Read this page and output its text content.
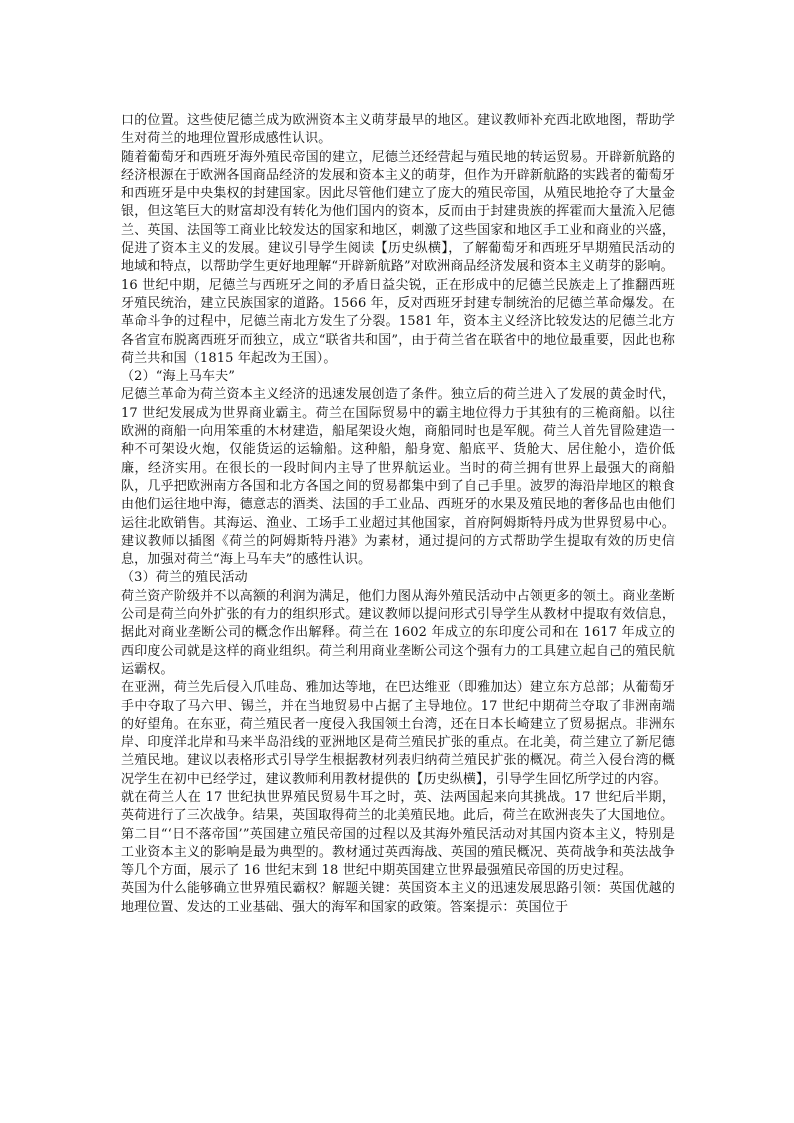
口的位置。这些使尼德兰成为欧洲资本主义萌芽最早的地区。建议教师补充西北欧地图，帮助学生对荷兰的地理位置形成感性认识。

随着葡萄牙和西班牙海外殖民帝国的建立，尼德兰还经营起与殖民地的转运贸易。开辟新航路的经济根源在于欧洲各国商品经济的发展和资本主义的萌芽，但作为开辟新航路的实践者的葡萄牙和西班牙是中央集权的封建国家。因此尽管他们建立了庞大的殖民帝国，从殖民地抢夺了大量金银，但这笔巨大的财富却没有转化为他们国内的资本，反而由于封建贵族的挥霍而大量流入尼德兰、英国、法国等工商业比较发达的国家和地区，刺激了这些国家和地区手工业和商业的兴盛，促进了资本主义的发展。建议引导学生阅读【历史纵横】，了解葡萄牙和西班牙早期殖民活动的地域和特点，以帮助学生更好地理解“开辟新航路”对欧洲商品经济发展和资本主义萌芽的影响。

16 世纪中期，尼德兰与西班牙之间的矛盾日益尖锐，正在形成中的尼德兰民族走上了推翻西班牙殖民统治，建立民族国家的道路。1566 年，反对西班牙封建专制统治的尼德兰革命爆发。在革命斗争的过程中，尼德兰南北方发生了分裂。1581 年，资本主义经济比较发达的尼德兰北方各省宣布脱离西班牙而独立，成立“联省共和国”，由于荷兰省在联省中的地位最重要，因此也称荷兰共和国（1815 年起改为王国）。

（2）“海上马车夫”

尼德兰革命为荷兰资本主义经济的迅速发展创造了条件。独立后的荷兰进入了发展的黄金时代，17 世纪发展成为世界商业霸主。荷兰在国际贸易中的霸主地位得力于其独有的三桅商船。以往欧洲的商船一向用笨重的木材建造，船尾架设火炮，商船同时也是军舰。荷兰人首先冒险建造一种不可架设火炮，仅能货运的运输船。这种船，船身宽、船底平、货舱大、居住舱小，造价低廉，经济实用。在很长的一段时间内主导了世界航运业。当时的荷兰拥有世界上最强大的商船队，几乎把欧洲南方各国和北方各国之间的贸易都集中到了自己手里。波罗的海沿岸地区的粮食由他们运往地中海，德意志的酒类、法国的手工业品、西班牙的水果及殖民地的奢侈品也由他们运往北欧销售。其海运、渔业、工场手工业超过其他国家，首府阿姆斯特丹成为世界贸易中心。建议教师以插图《荷兰的阿姆斯特丹港》为素材，通过提问的方式帮助学生提取有效的历史信息，加强对荷兰“海上马车夫”的感性认识。

（3）荷兰的殖民活动

荷兰资产阶级并不以高额的利润为满足，他们力图从海外殖民活动中占领更多的领土。商业垄断公司是荷兰向外扩张的有力的组织形式。建议教师以提问形式引导学生从教材中提取有效信息，据此对商业垄断公司的概念作出解释。荷兰在 1602 年成立的东印度公司和在 1617 年成立的西印度公司就是这样的商业组织。荷兰利用商业垄断公司这个强有力的工具建立起自己的殖民航运霸权。

在亚洲，荷兰先后侵入爪哇岛、雅加达等地，在巴达维亚（即雅加达）建立东方总部；从葡萄牙手中夺取了马六甲、锡兰，并在当地贸易中占据了主导地位。17 世纪中期荷兰夺取了非洲南端的好望角。在东亚，荷兰殖民者一度侵入我国领土台湾，还在日本长崎建立了贸易据点。非洲东岸、印度洋北岸和马来半岛沿线的亚洲地区是荷兰殖民扩张的重点。在北美，荷兰建立了新尼德兰殖民地。建议以表格形式引导学生根据教材列表归纳荷兰殖民扩张的概况。荷兰入侵台湾的概况学生在初中已经学过，建议教师利用教材提供的【历史纵横】，引导学生回忆所学过的内容。

就在荷兰人在 17 世纪执世界殖民贸易牛耳之时，英、法两国起来向其挑战。17 世纪后半期，英荷进行了三次战争。结果，英国取得荷兰的北美殖民地。此后，荷兰在欧洲丧失了大国地位。

第二目“‘日不落帝国’”英国建立殖民帝国的过程以及其海外殖民活动对其国内资本主义，特别是工业资本主义的影响是最为典型的。教材通过英西海战、英国的殖民概况、英荷战争和英法战争等几个方面，展示了 16 世纪末到 18 世纪中期英国建立世界最强殖民帝国的历史过程。

英国为什么能够确立世界殖民霸权？解题关键：英国资本主义的迅速发展思路引领：英国优越的地理位置、发达的工业基础、强大的海军和国家的政策。答案提示：英国位于
